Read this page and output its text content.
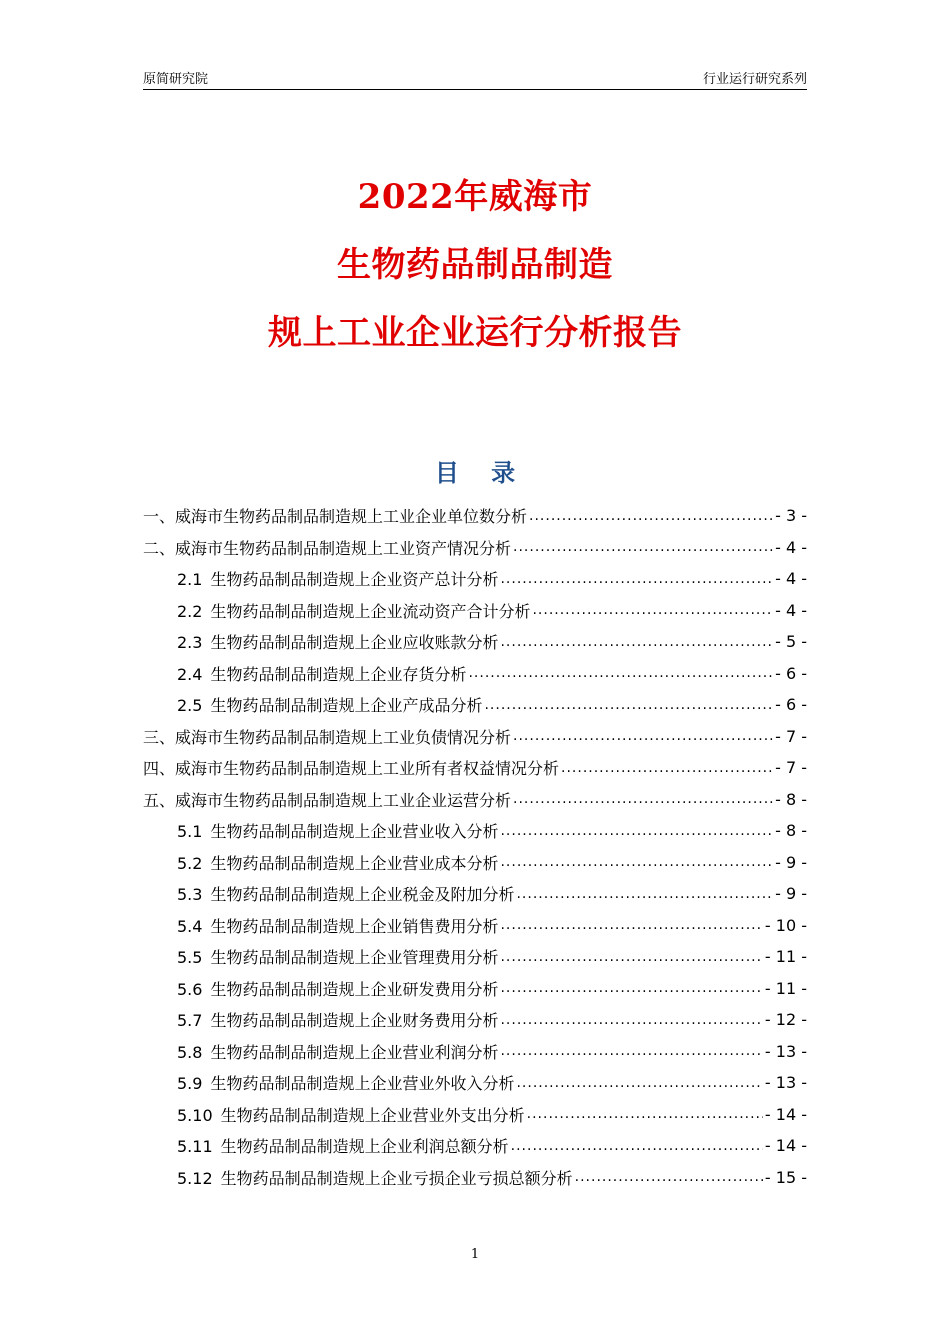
原简研究院	行业运行研究系列
2022年威海市
生物药品制品制造
规上工业企业运行分析报告
目 录
一、威海市生物药品制品制造规上工业企业单位数分析 .....	- 3 -
二、威海市生物药品制品制造规上工业资产情况分析 .....	- 4 -
2.1 生物药品制品制造规上企业资产总计分析 .....	- 4 -
2.2 生物药品制品制造规上企业流动资产合计分析 .....	- 4 -
2.3 生物药品制品制造规上企业应收账款分析 .....	- 5 -
2.4 生物药品制品制造规上企业存货分析 .....	- 6 -
2.5 生物药品制品制造规上企业产成品分析 .....	- 6 -
三、威海市生物药品制品制造规上工业负债情况分析 .....	- 7 -
四、威海市生物药品制品制造规上工业所有者权益情况分析 .....	- 7 -
五、威海市生物药品制品制造规上工业企业运营分析 .....	- 8 -
5.1 生物药品制品制造规上企业营业收入分析 .....	- 8 -
5.2 生物药品制品制造规上企业营业成本分析 .....	- 9 -
5.3 生物药品制品制造规上企业税金及附加分析 .....	- 9 -
5.4 生物药品制品制造规上企业销售费用分析 .....	- 10 -
5.5 生物药品制品制造规上企业管理费用分析 .....	- 11 -
5.6 生物药品制品制造规上企业研发费用分析 .....	- 11 -
5.7 生物药品制品制造规上企业财务费用分析 .....	- 12 -
5.8 生物药品制品制造规上企业营业利润分析 .....	- 13 -
5.9 生物药品制品制造规上企业营业外收入分析 .....	- 13 -
5.10 生物药品制品制造规上企业营业外支出分析 .....	- 14 -
5.11 生物药品制品制造规上企业利润总额分析 .....	- 14 -
5.12 生物药品制品制造规上企业亏损企业亏损总额分析 .....	- 15 -
1
